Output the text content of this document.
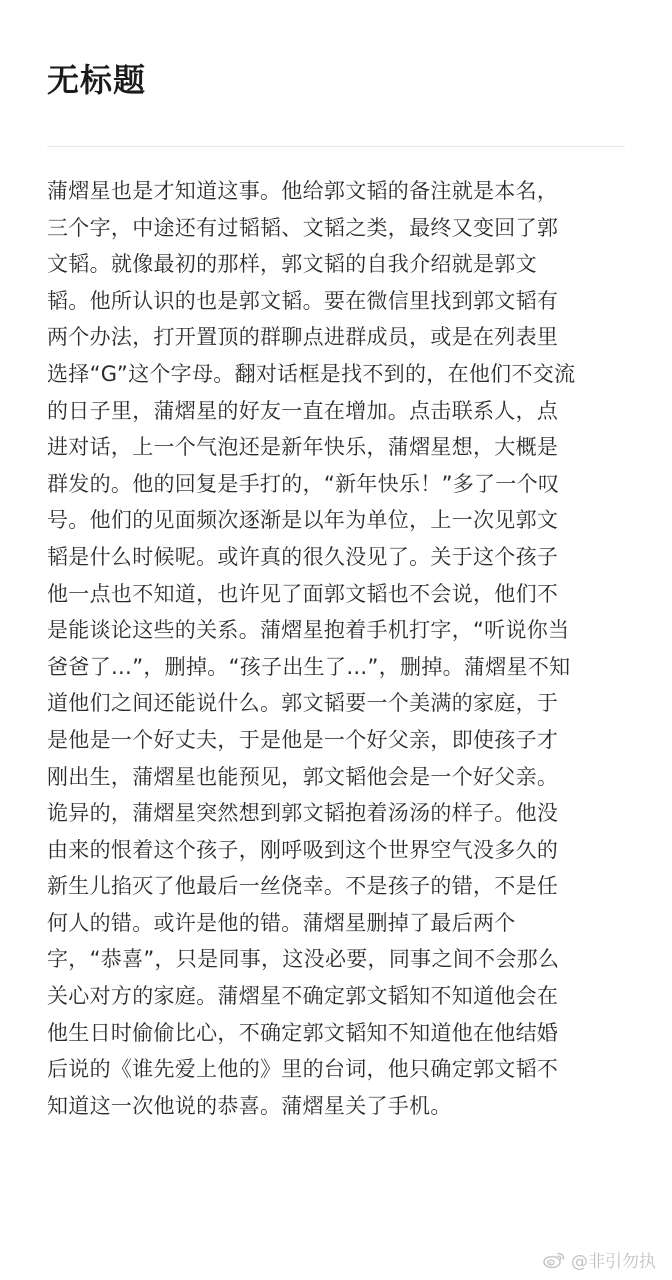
无标题
蒲熠星也是才知道这事。他给郭文韬的备注就是本名，
三个字，中途还有过韬韬、文韬之类，最终又变回了郭
文韬。就像最初的那样，郭文韬的自我介绍就是郭文
韬。他所认识的也是郭文韬。要在微信里找到郭文韬有
两个办法，打开置顶的群聊点进群成员，或是在列表里
选择“G”这个字母。翻对话框是找不到的，在他们不交流
的日子里，蒲熠星的好友一直在增加。点击联系人，点
进对话，上一个气泡还是新年快乐，蒲熠星想，大概是
群发的。他的回复是手打的，“新年快乐！”多了一个叹
号。他们的见面频次逐渐是以年为单位，上一次见郭文
韬是什么时候呢。或许真的很久没见了。关于这个孩子
他一点也不知道，也许见了面郭文韬也不会说，他们不
是能谈论这些的关系。蒲熠星抱着手机打字，“听说你当
爸爸了…”，删掉。“孩子出生了…”，删掉。蒲熠星不知
道他们之间还能说什么。郭文韬要一个美满的家庭，于
是他是一个好丈夫，于是他是一个好父亲，即使孩子才
刚出生，蒲熠星也能预见，郭文韬他会是一个好父亲。
诡异的，蒲熠星突然想到郭文韬抱着汤汤的样子。他没
由来的恨着这个孩子，刚呼吸到这个世界空气没多久的
新生儿掐灭了他最后一丝侥幸。不是孩子的错，不是任
何人的错。或许是他的错。蒲熠星删掉了最后两个
字，“恭喜”，只是同事，这没必要，同事之间不会那么
关心对方的家庭。蒲熠星不确定郭文韬知不知道他会在
他生日时偷偷比心，不确定郭文韬知不知道他在他结婚
后说的《谁先爱上他的》里的台词，他只确定郭文韬不
知道这一次他说的恭喜。蒲熠星关了手机。
@非引勿执
